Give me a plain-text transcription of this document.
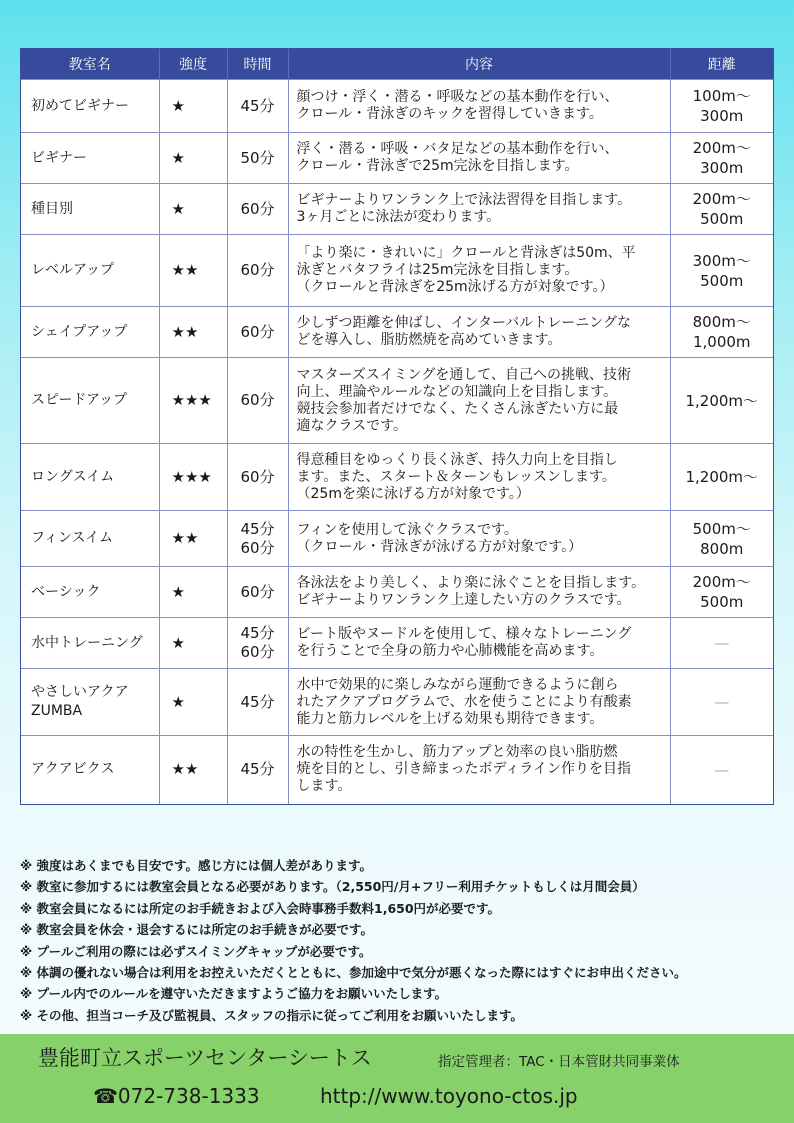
教室名	強度	時間	内容	距離

初めてビギナー	★	45分	顔つけ・浮く・潜る・呼吸などの基本動作を行い、
クロール・背泳ぎのキックを習得していきます。	100m～
300m

ビギナー	★	50分	浮く・潜る・呼吸・バタ足などの基本動作を行い、
クロール・背泳ぎで25m完泳を目指します。	200m～
300m

種目別	★	60分	ビギナーよりワンランク上で泳法習得を目指します。
3ヶ月ごとに泳法が変わります。	200m～
500m

レベルアップ	★★	60分	「より楽に・きれいに」クロールと背泳ぎは50m、平
泳ぎとバタフライは25m完泳を目指します。
（クロールと背泳ぎを25m泳げる方が対象です。）	300m～
500m

シェイプアップ	★★	60分	少しずつ距離を伸ばし、インターバルトレーニングな
どを導入し、脂肪燃焼を高めていきます。	800m～
1,000m

スピードアップ	★★★	60分	マスターズスイミングを通して、自己への挑戦、技術
向上、理論やルールなどの知識向上を目指します。
競技会参加者だけでなく、たくさん泳ぎたい方に最
適なクラスです。	1,200m～

ロングスイム	★★★	60分	得意種目をゆっくり長く泳ぎ、持久力向上を目指し
ます。また、スタート＆ターンもレッスンします。
（25mを楽に泳げる方が対象です。）	1,200m～

フィンスイム	★★	45分
60分	フィンを使用して泳ぐクラスです。
（クロール・背泳ぎが泳げる方が対象です。）	500m～
800m

ベーシック	★	60分	各泳法をより美しく、より楽に泳ぐことを目指します。
ビギナーよりワンランク上達したい方のクラスです。	200m～
500m

水中トレーニング	★	45分
60分	ビート版やヌードルを使用して、様々なトレーニング
を行うことで全身の筋力や心肺機能を高めます。	—

やさしいアクア
ZUMBA	★	45分	水中で効果的に楽しみながら運動できるように創ら
れたアクアプログラムで、水を使うことにより有酸素
能力と筋力レベルを上げる効果も期待できます。	—

アクアビクス	★★	45分	水の特性を生かし、筋力アップと効率の良い脂肪燃
焼を目的とし、引き締まったボディライン作りを目指
します。	—
※ 強度はあくまでも目安です。感じ方には個人差があります。
※ 教室に参加するには教室会員となる必要があります。（2,550円/月+フリー利用チケットもしくは月間会員）
※ 教室会員になるには所定のお手続きおよび入会時事務手数料1,650円が必要です。
※ 教室会員を休会・退会するには所定のお手続きが必要です。
※ プールご利用の際には必ずスイミングキャップが必要です。
※ 体調の優れない場合は利用をお控えいただくとともに、参加途中で気分が悪くなった際にはすぐにお申出ください。
※ プール内でのルールを遵守いただきますようご協力をお願いいたします。
※ その他、担当コーチ及び監視員、スタッフの指示に従ってご利用をお願いいたします。
豊能町立スポーツセンターシートス	指定管理者：TAC・日本管財共同事業体
☎072-738-1333	http://www.toyono-ctos.jp
